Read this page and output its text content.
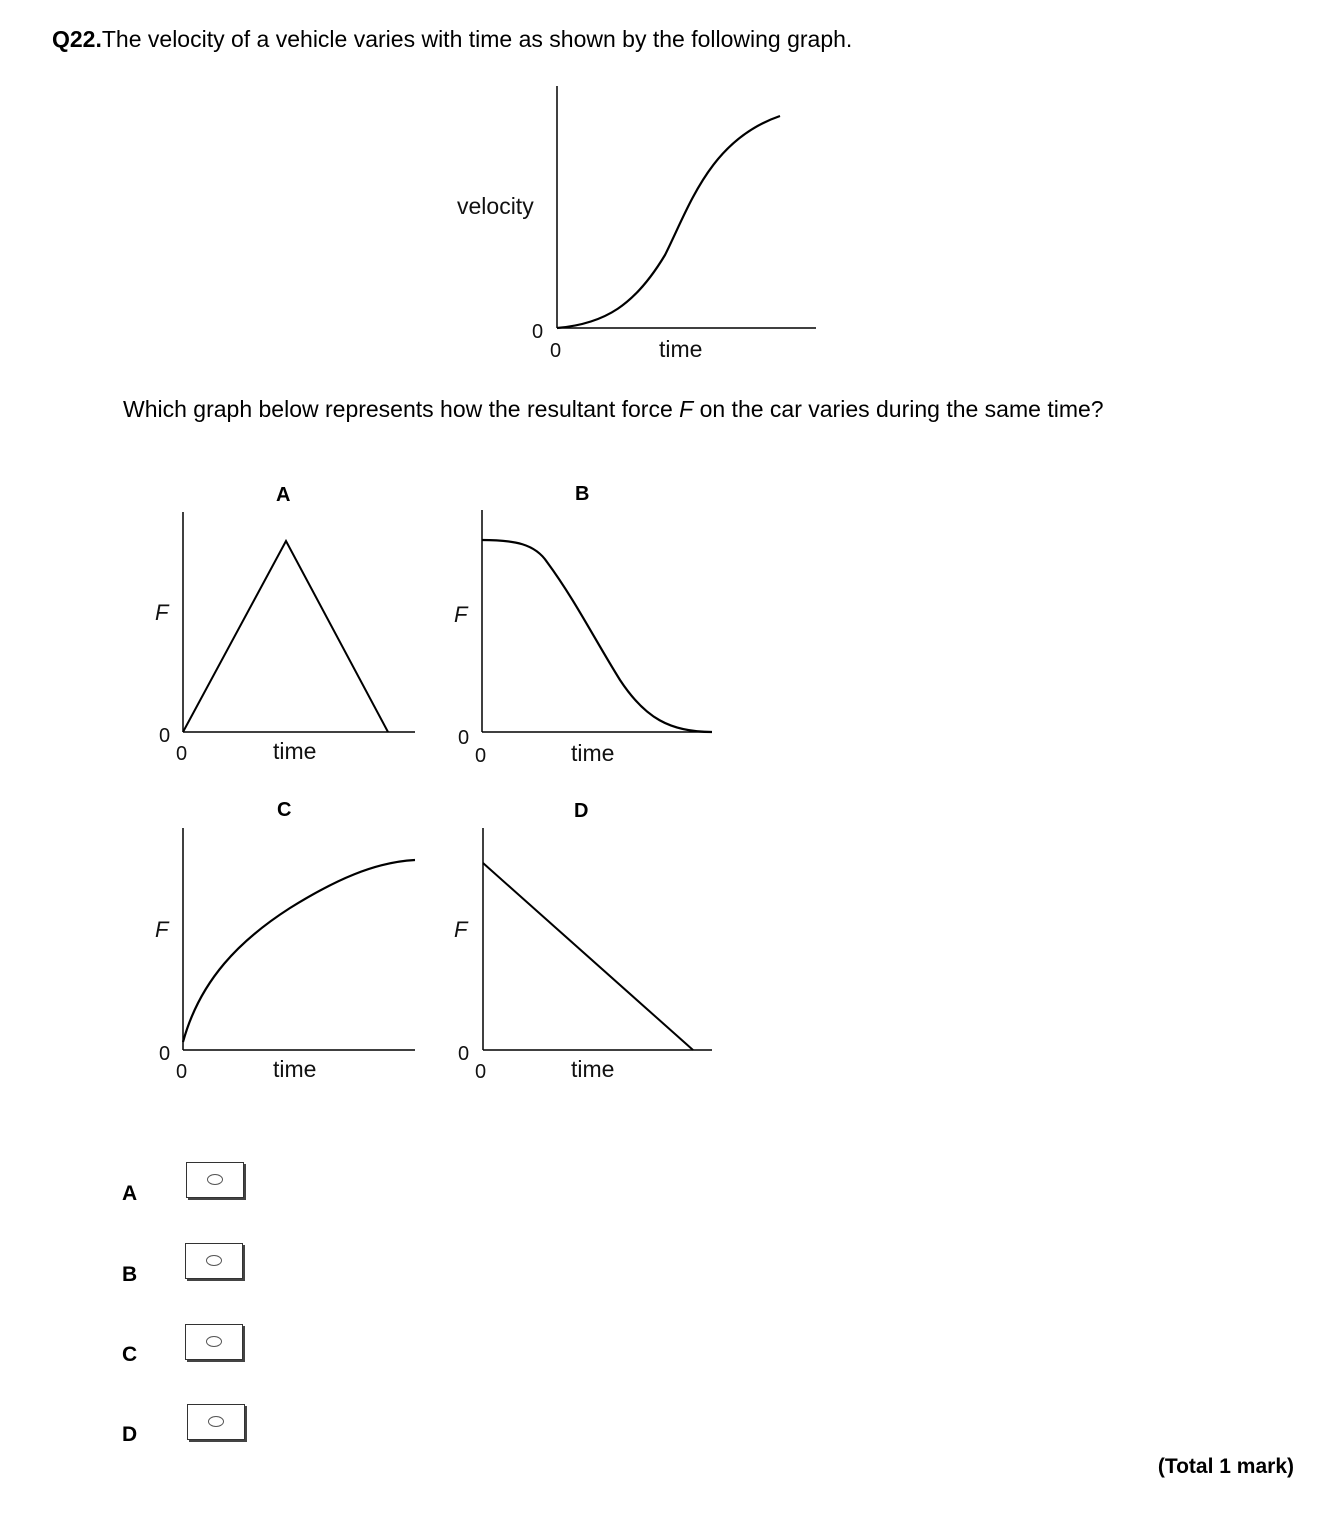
Q22.The velocity of a vehicle varies with time as shown by the following graph.
velocity
time
0
0
Which graph below represents how the resultant force F on the car varies during the same time?
A
F
time
0
0
B
F
time
0
0
C
F
time
0
0
D
F
time
0
0
A
B
C
D
(Total 1 mark)
